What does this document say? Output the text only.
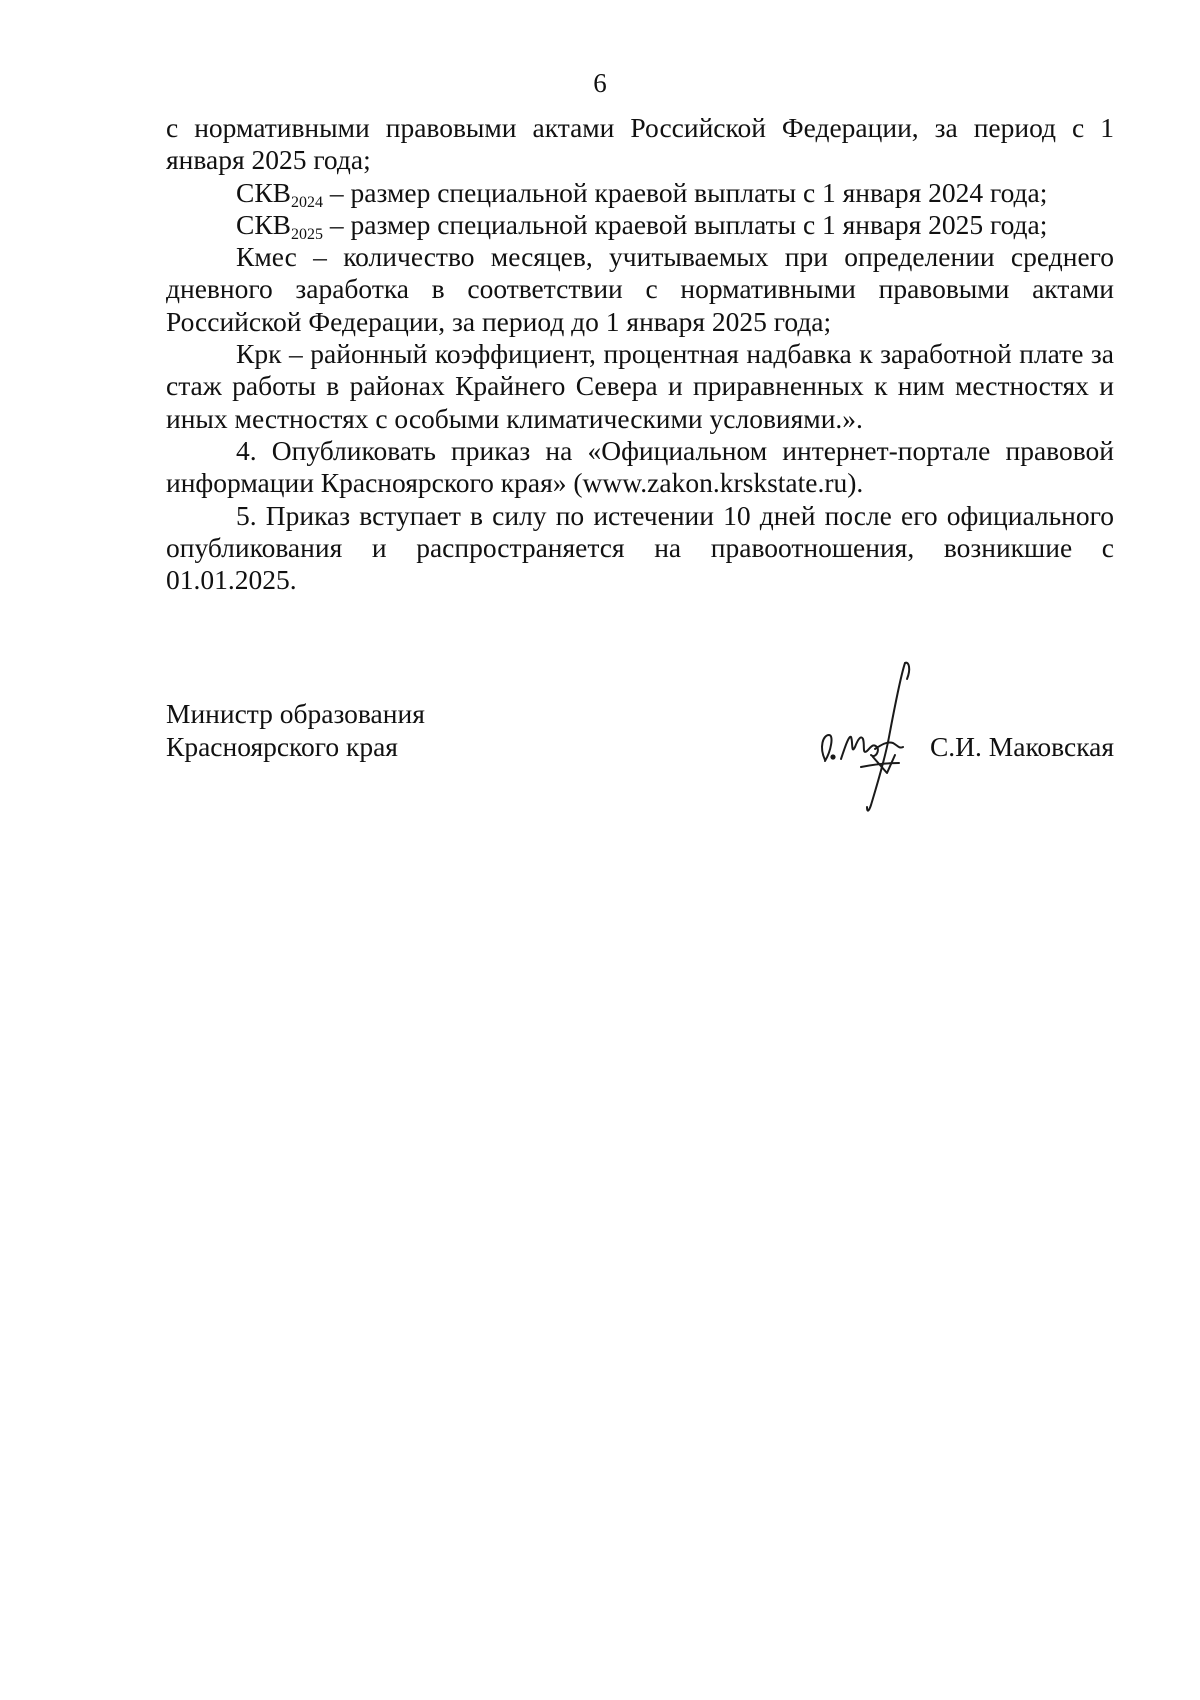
6

с нормативными правовыми актами Российской Федерации, за период с 1 января 2025 года;

$СКВ_{2024}$ – размер специальной краевой выплаты с 1 января 2024 года;

$СКВ_{2025}$ – размер специальной краевой выплаты с 1 января 2025 года;

Кмес – количество месяцев, учитываемых при определении среднего дневного заработка в соответствии с нормативными правовыми актами Российской Федерации, за период до 1 января 2025 года;

Крк – районный коэффициент, процентная надбавка к заработной плате за стаж работы в районах Крайнего Севера и приравненных к ним местностях и иных местностях с особыми климатическими условиями.».

4. Опубликовать приказ на «Официальном интернет-портале правовой информации Красноярского края» (www.zakon.krskstate.ru).

5. Приказ вступает в силу по истечении 10 дней после его официального опубликования и распространяется на правоотношения, возникшие с 01.01.2025.

Министр образования
Красноярского края	С.И. Маковская
